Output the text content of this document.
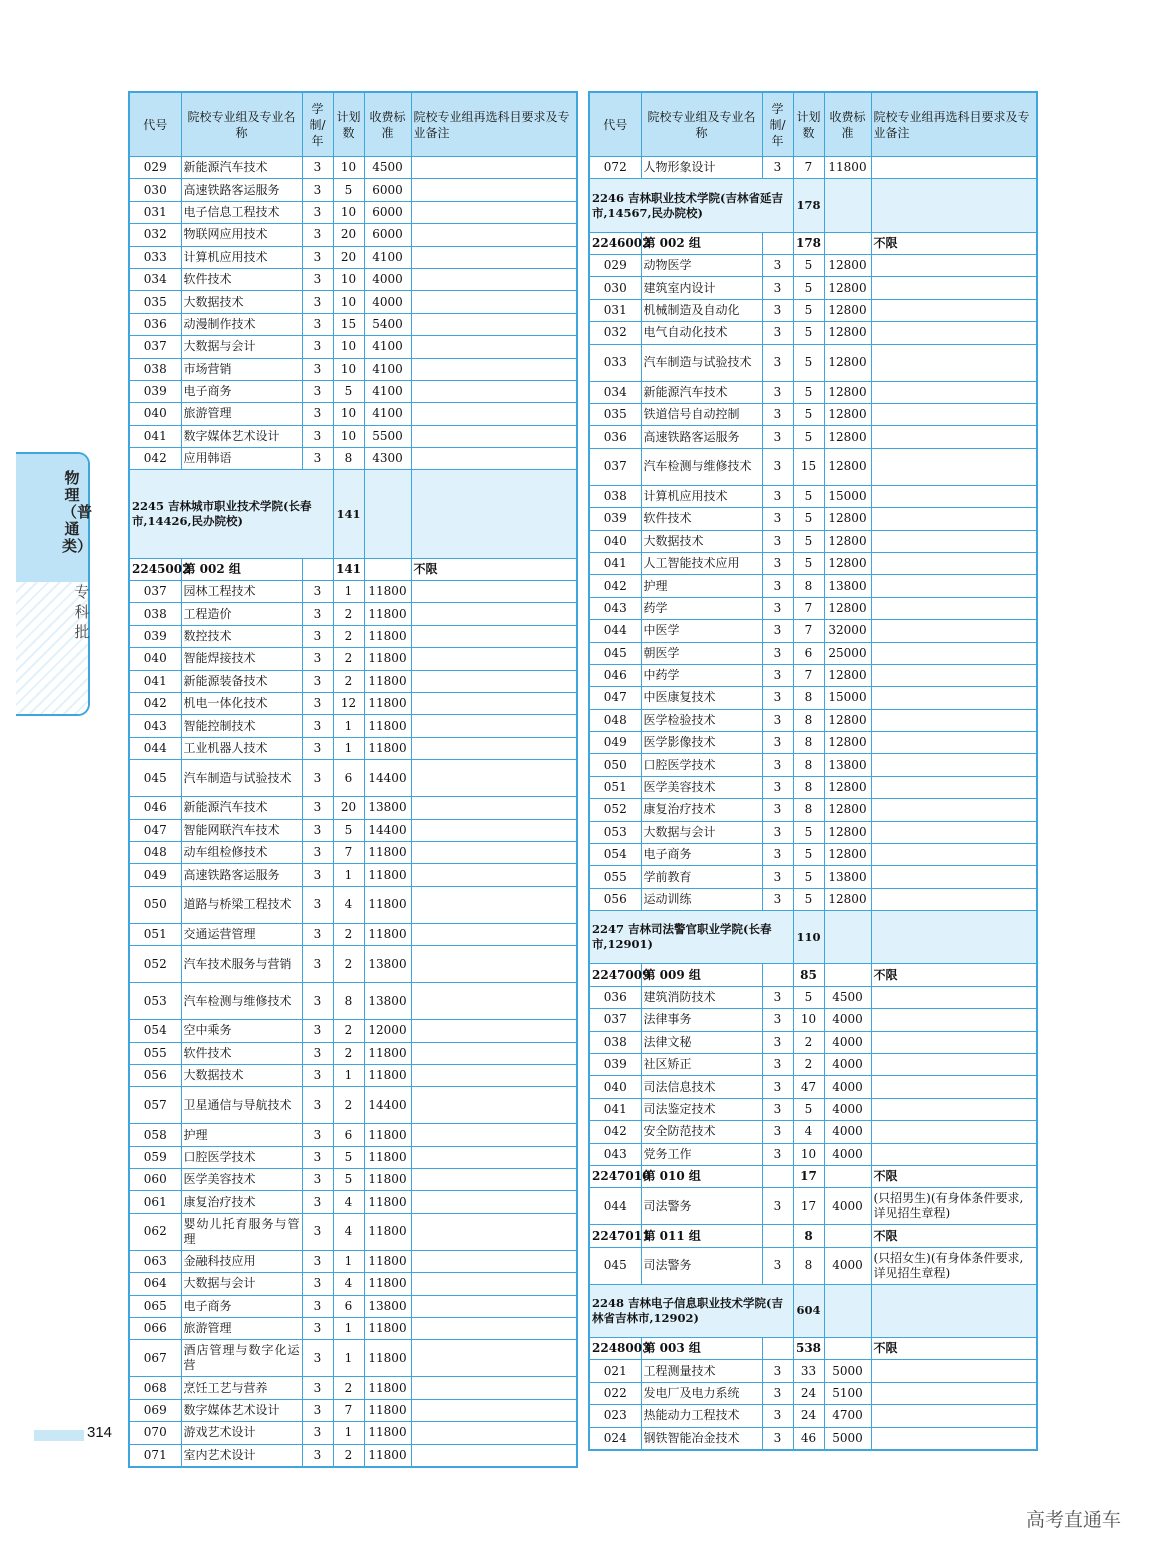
代号	院校专业组及专业名称	学制/年	计划数	收费标准	院校专业组再选科目要求及专业备注
029	新能源汽车技术	3	10	4500	
030	高速铁路客运服务	3	5	6000	
031	电子信息工程技术	3	10	6000	
032	物联网应用技术	3	20	6000	
033	计算机应用技术	3	20	4100	
034	软件技术	3	10	4000	
035	大数据技术	3	10	4000	
036	动漫制作技术	3	15	5400	
037	大数据与会计	3	10	4100	
038	市场营销	3	10	4100	
039	电子商务	3	5	4100	
040	旅游管理	3	10	4100	
041	数字媒体艺术设计	3	10	5500	
042	应用韩语	3	8	4300	
2245 吉林城市职业技术学院(长春市,14426,民办院校)			141		
2245002	第 002 组		141		不限
037	园林工程技术	3	1	11800	
038	工程造价	3	2	11800	
039	数控技术	3	2	11800	
040	智能焊接技术	3	2	11800	
041	新能源装备技术	3	2	11800	
042	机电一体化技术	3	12	11800	
043	智能控制技术	3	1	11800	
044	工业机器人技术	3	1	11800	
045	汽车制造与试验技术	3	6	14400	
046	新能源汽车技术	3	20	13800	
047	智能网联汽车技术	3	5	14400	
048	动车组检修技术	3	7	11800	
049	高速铁路客运服务	3	1	11800	
050	道路与桥梁工程技术	3	4	11800	
051	交通运营管理	3	2	11800	
052	汽车技术服务与营销	3	2	13800	
053	汽车检测与维修技术	3	8	13800	
054	空中乘务	3	2	12000	
055	软件技术	3	2	11800	
056	大数据技术	3	1	11800	
057	卫星通信与导航技术	3	2	14400	
058	护理	3	6	11800	
059	口腔医学技术	3	5	11800	
060	医学美容技术	3	5	11800	
061	康复治疗技术	3	4	11800	
062	婴幼儿托育服务与管理	3	4	11800	
063	金融科技应用	3	1	11800	
064	大数据与会计	3	4	11800	
065	电子商务	3	6	13800	
066	旅游管理	3	1	11800	
067	酒店管理与数字化运营	3	1	11800	
068	烹饪工艺与营养	3	2	11800	
069	数字媒体艺术设计	3	7	11800	
070	游戏艺术设计	3	1	11800	
071	室内艺术设计	3	2	11800	
代号	院校专业组及专业名称	学制/年	计划数	收费标准	院校专业组再选科目要求及专业备注
072	人物形象设计	3	7	11800	
2246 吉林职业技术学院(吉林省延吉市,14567,民办院校)			178		
2246002	第 002 组		178		不限
029	动物医学	3	5	12800	
030	建筑室内设计	3	5	12800	
031	机械制造及自动化	3	5	12800	
032	电气自动化技术	3	5	12800	
033	汽车制造与试验技术	3	5	12800	
034	新能源汽车技术	3	5	12800	
035	铁道信号自动控制	3	5	12800	
036	高速铁路客运服务	3	5	12800	
037	汽车检测与维修技术	3	15	12800	
038	计算机应用技术	3	5	15000	
039	软件技术	3	5	12800	
040	大数据技术	3	5	12800	
041	人工智能技术应用	3	5	12800	
042	护理	3	8	13800	
043	药学	3	7	12800	
044	中医学	3	7	32000	
045	朝医学	3	6	25000	
046	中药学	3	7	12800	
047	中医康复技术	3	8	15000	
048	医学检验技术	3	8	12800	
049	医学影像技术	3	8	12800	
050	口腔医学技术	3	8	13800	
051	医学美容技术	3	8	12800	
052	康复治疗技术	3	8	12800	
053	大数据与会计	3	5	12800	
054	电子商务	3	5	12800	
055	学前教育	3	5	13800	
056	运动训练	3	5	12800	
2247 吉林司法警官职业学院(长春市,12901)			110		
2247009	第 009 组		85		不限
036	建筑消防技术	3	5	4500	
037	法律事务	3	10	4000	
038	法律文秘	3	2	4000	
039	社区矫正	3	2	4000	
040	司法信息技术	3	47	4000	
041	司法鉴定技术	3	5	4000	
042	安全防范技术	3	4	4000	
043	党务工作	3	10	4000	
2247010	第 010 组		17		不限
044	司法警务	3	17	4000	(只招男生)(有身体条件要求,详见招生章程)
2247011	第 011 组		8		不限
045	司法警务	3	8	4000	(只招女生)(有身体条件要求,详见招生章程)
2248 吉林电子信息职业技术学院(吉林省吉林市,12902)			604		
2248003	第 003 组		538		不限
021	工程测量技术	3	33	5000	
022	发电厂及电力系统	3	24	5100	
023	热能动力工程技术	3	24	4700	
024	钢铁智能冶金技术	3	46	5000	
物理（普通类）
专科批
314
高考直通车
